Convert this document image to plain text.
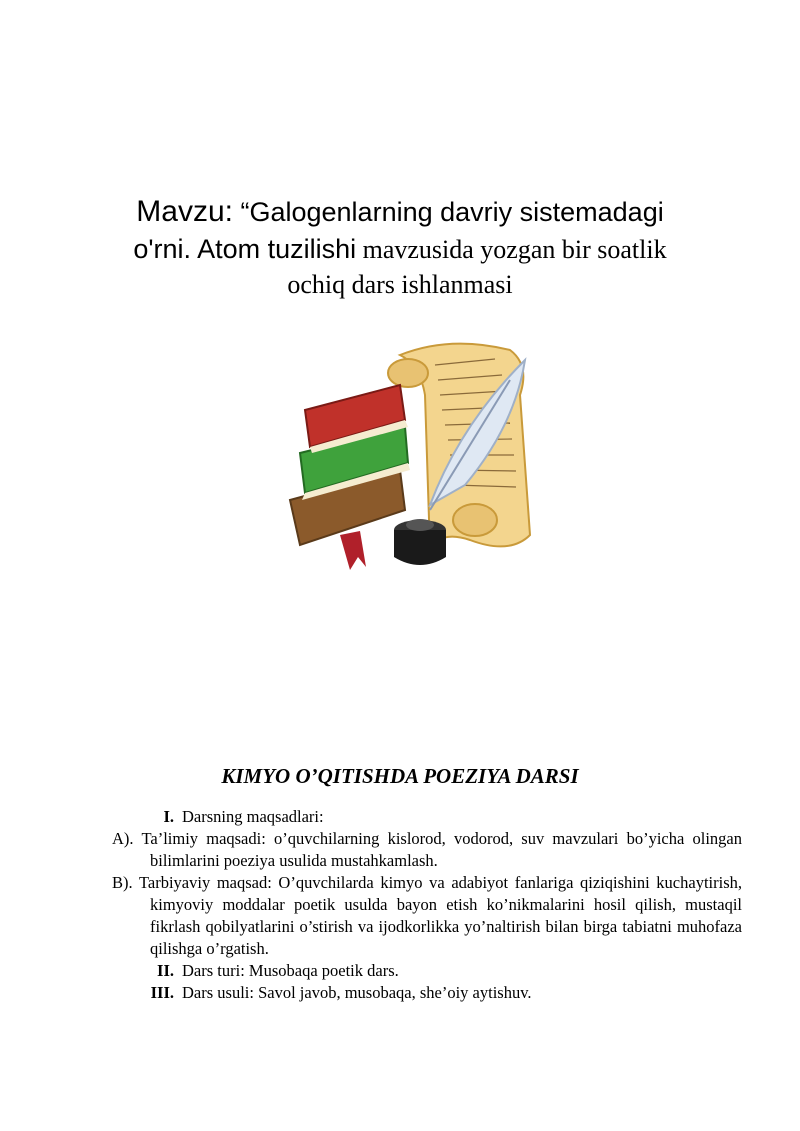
Mavzu: “Galogenlarning davriy sistemadagi
o'rni. Atom tuzilishi mavzusida yozgan bir soatlik
ochiq dars ishlanmasi
KIMYO O’QITISHDA POEZIYA DARSI
I. Darsning maqsadlari:
A). Ta’limiy maqsadi: o’quvchilarning kislorod, vodorod, suv mavzulari bo’yicha olingan bilimlarini poeziya usulida mustahkamlash.
B). Tarbiyaviy maqsad: O’quvchilarda kimyo va adabiyot fanlariga qiziqishini kuchaytirish, kimyoviy moddalar poetik usulda bayon etish ko’nikmalarini hosil qilish, mustaqil fikrlash qobilyatlarini o’stirish va ijodkorlikka yo’naltirish bilan birga tabiatni muhofaza qilishga o’rgatish.
II. Dars turi: Musobaqa poetik dars.
III. Dars usuli: Savol javob, musobaqa, she’oiy aytishuv.
